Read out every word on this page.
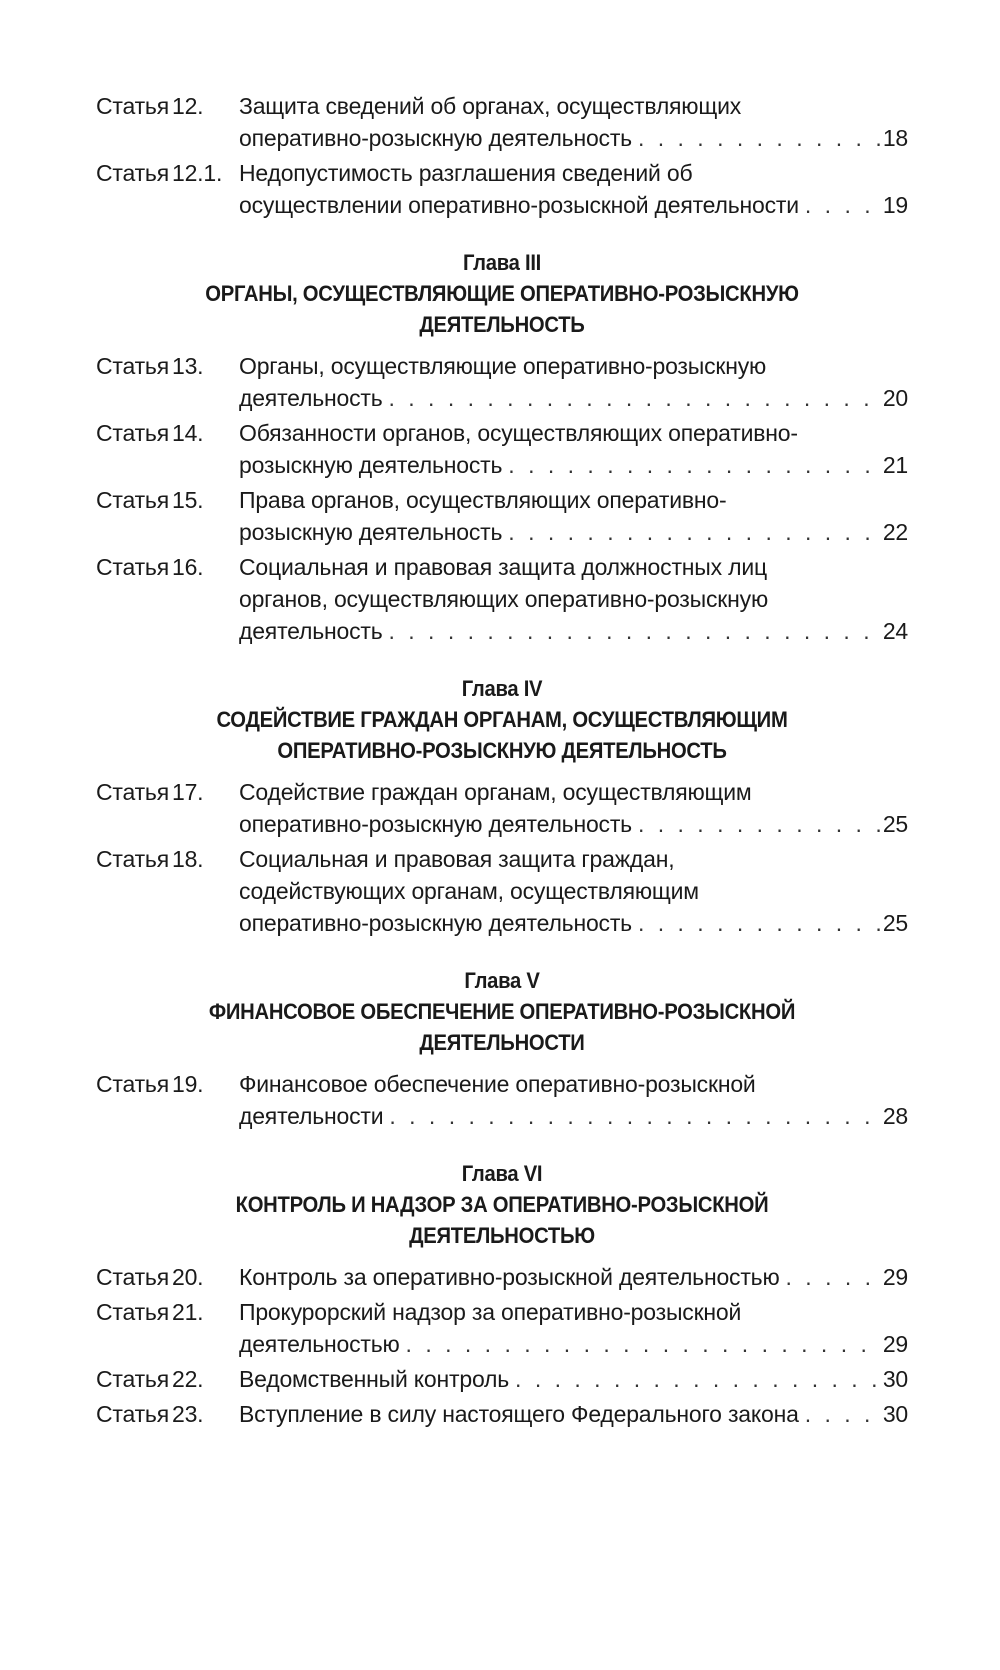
Статья 12.	Защита сведений об органах, осуществляющих
оперативно-розыскную деятельность . . .	18
Статья 12.1. Недопустимость разглашения сведений об
осуществлении оперативно-розыскной деятельности . . .	19
Глава III
ОРГАНЫ, ОСУЩЕСТВЛЯЮЩИЕ ОПЕРАТИВНО-РОЗЫСКНУЮ
ДЕЯТЕЛЬНОСТЬ
Статья 13.	Органы, осуществляющие оперативно-розыскную
деятельность . . .	20
Статья 14.	Обязанности органов, осуществляющих оперативно-
розыскную деятельность . . .	21
Статья 15.	Права органов, осуществляющих оперативно-
розыскную деятельность . . .	22
Статья 16.	Социальная и правовая защита должностных лиц
органов, осуществляющих оперативно-розыскную
деятельность . . .	24
Глава IV
СОДЕЙСТВИЕ ГРАЖДАН ОРГАНАМ, ОСУЩЕСТВЛЯЮЩИМ
ОПЕРАТИВНО-РОЗЫСКНУЮ ДЕЯТЕЛЬНОСТЬ
Статья 17.	Содействие граждан органам, осуществляющим
оперативно-розыскную деятельность . . .	25
Статья 18.	Социальная и правовая защита граждан,
содействующих органам, осуществляющим
оперативно-розыскную деятельность . . .	25
Глава V
ФИНАНСОВОЕ ОБЕСПЕЧЕНИЕ ОПЕРАТИВНО-РОЗЫСКНОЙ
ДЕЯТЕЛЬНОСТИ
Статья 19.	Финансовое обеспечение оперативно-розыскной
деятельности . . .	28
Глава VI
КОНТРОЛЬ И НАДЗОР ЗА ОПЕРАТИВНО-РОЗЫСКНОЙ
ДЕЯТЕЛЬНОСТЬЮ
Статья 20.	Контроль за оперативно-розыскной деятельностью . . .	29
Статья 21.	Прокурорский надзор за оперативно-розыскной
деятельностью . . .	29
Статья 22.	Ведомственный контроль . . .	30
Статья 23.	Вступление в силу настоящего Федерального закона . . .	30
